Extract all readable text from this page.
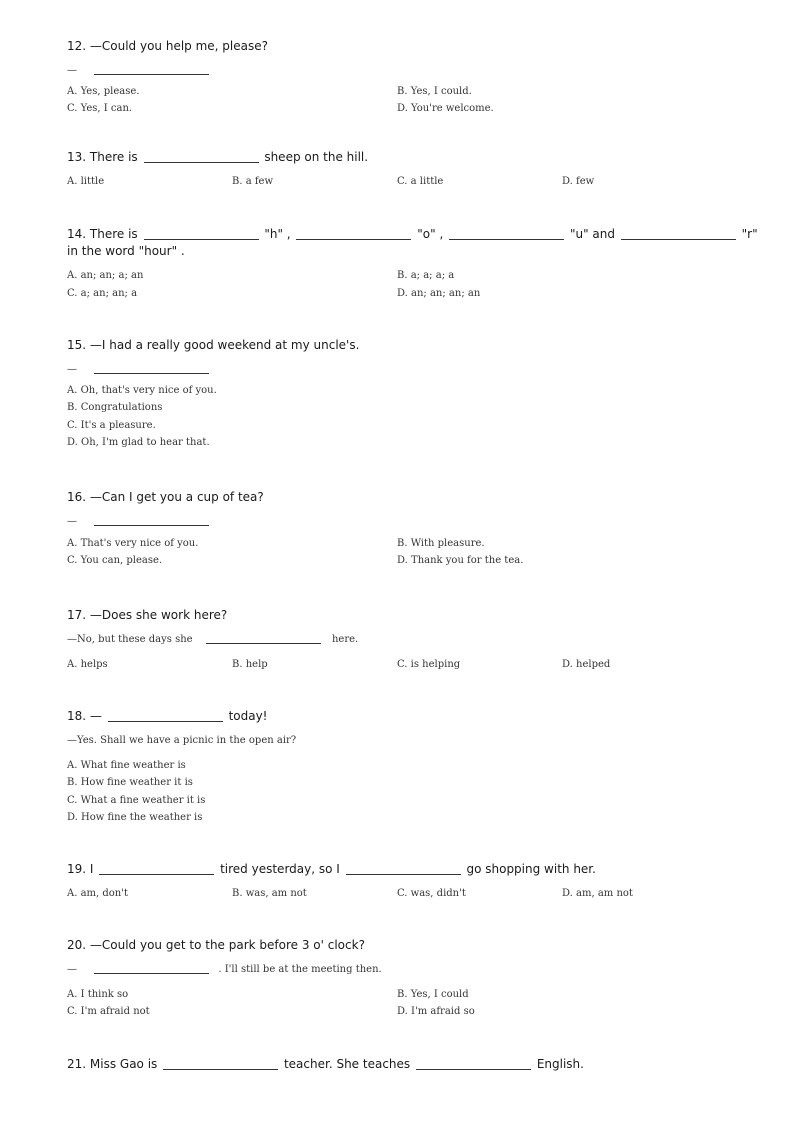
12. —Could you help me, please?
—
A. Yes, please.	B. Yes, I could.
C. Yes, I can.	D. You're welcome.
13. There is	sheep on the hill.
A. little	B. a few	C. a little	D. few
14. There is	"h" ,	"o" ,	"u" and	"r"
in the word "hour" .
A. an; an; a; an	B. a; a; a; a
C. a; an; an; a	D. an; an; an; an
15. —I had a really good weekend at my uncle's.
—
A. Oh, that's very nice of you.
B. Congratulations
C. It's a pleasure.
D. Oh, I'm glad to hear that.
16. —Can I get you a cup of tea?
—
A. That's very nice of you.	B. With pleasure.
C. You can, please.	D. Thank you for the tea.
17. —Does she work here?
—No, but these days she	here.
A. helps	B. help	C. is helping	D. helped
18. —	today!
—Yes. Shall we have a picnic in the open air?
A. What fine weather is
B. How fine weather it is
C. What a fine weather it is
D. How fine the weather is
19. I	tired yesterday, so I	go shopping with her.
A. am, don't	B. was, am not	C. was, didn't	D. am, am not
20. —Could you get to the park before 3 o' clock?
—	. I'll still be at the meeting then.
A. I think so	B. Yes, I could
C. I'm afraid not	D. I'm afraid so
21. Miss Gao is	teacher. She teaches	English.
